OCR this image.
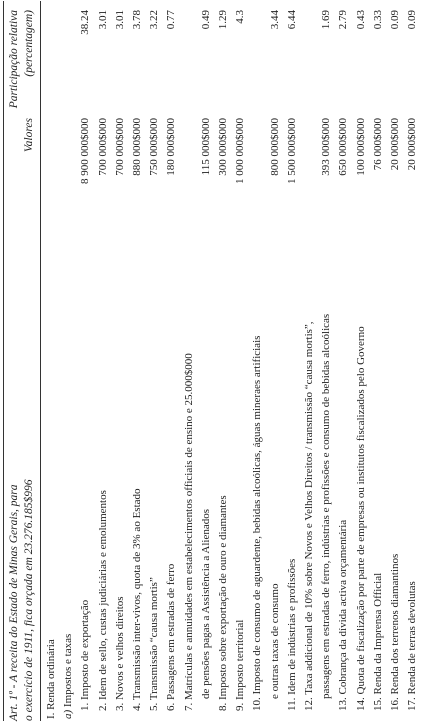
Art. 1º - A receita do Estado de Minas Gerais, para o exercício de 1911, fica orçada em 23.276.185$996
Valores
Participação relativa (percentagem)
I. Renda ordinária a) Impostos e taxas 1. Imposto de exportação
8 900 000$000
38.24
2. Idem de sello, custas judiciárias e emolumentos
700 000$000
3.01
3. Novos e velhos direitos
700 000$000
3.01
4. Transmissão inter-vivos, quota de 3% ao Estado
880 000$000
3.78
5. Transmissão “causa mortis”
750 000$000
3.22
6. Passagens em estradas de ferro
180 000$000
0.77
7. Matrículas e annuidades em estabelecimentos officiais de ensino e 25.000$000 de pensões pagas a Assistência a Alienados
115 000$000
0.49
8. Imposto sobre exportação de ouro e diamantes
300 000$000
1.29
9. Imposto territorial
1 000 000$000
4.3
10. Imposto de consumo de aguardente, bebidas alcoólicas, águas mineraes artificiais e outras taxas de consumo
800 000$000
3.44
11. Idem de indústrias e profissões
1 500 000$000
6.44
12. Taxa addicional de 10% sobre Novos e Velhos Direitos / transmissão “causa mortis”, passagens em estradas de ferro, indústrias e profissões e consumo de bebidas alcoólicas
393 000$000
1.69
13. Cobrança da dívida activa orçamentária
650 000$000
2.79
14. Quota de fiscalização por parte de empresas ou institutos fiscalizados pelo Governo
100 000$000
0.43
15. Renda da Imprensa Official
76 000$000
0.33
16. Renda dos terrenos diamantinos
20 000$000
0.09
17. Renda de terras devolutas
20 000$000
0.09
